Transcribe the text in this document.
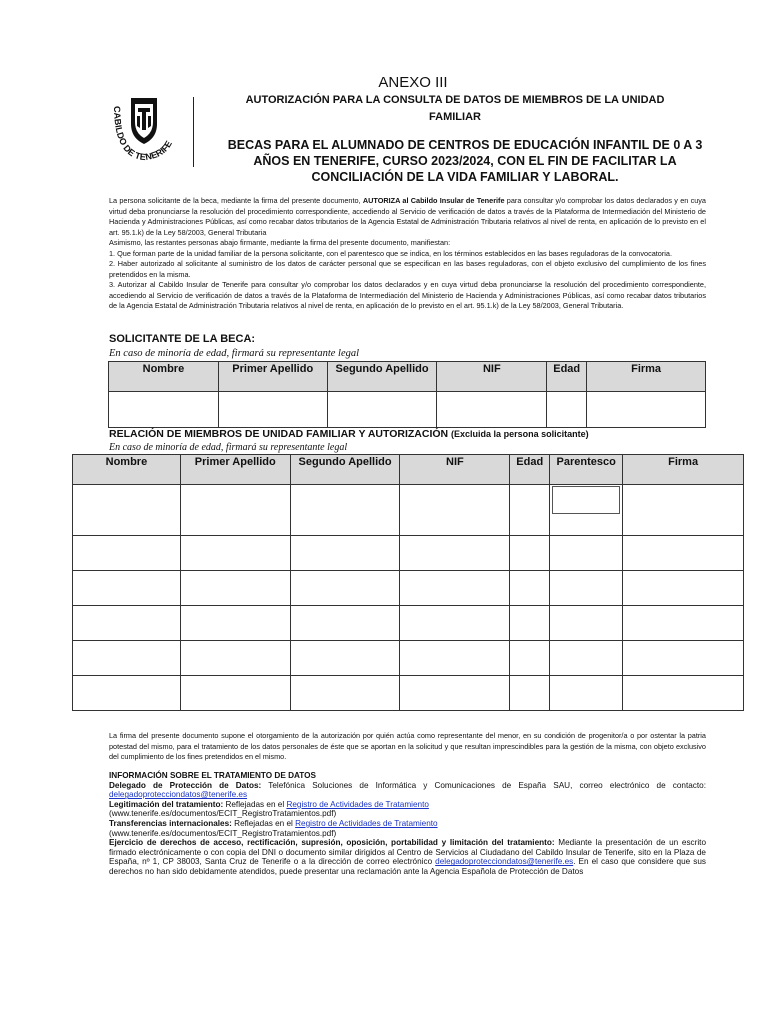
CABILDO DE TENERIFE
ANEXO III
AUTORIZACIÓN PARA LA CONSULTA DE DATOS DE MIEMBROS DE LA UNIDAD FAMILIAR
BECAS PARA EL ALUMNADO DE CENTROS DE EDUCACIÓN INFANTIL DE 0 A 3 AÑOS EN TENERIFE, CURSO 2023/2024, CON EL FIN DE FACILITAR LA CONCILIACIÓN DE LA VIDA FAMILIAR Y LABORAL.

La persona solicitante de la beca, mediante la firma del presente documento, AUTORIZA al Cabildo Insular de Tenerife para consultar y/o comprobar los datos declarados y en cuya virtud deba pronunciarse la resolución del procedimiento correspondiente, accediendo al Servicio de verificación de datos a través de la Plataforma de Intermediación del Ministerio de Hacienda y Administraciones Públicas, así como recabar datos tributarios de la Agencia Estatal de Administración Tributaria relativos al nivel de renta, en aplicación de lo previsto en el art. 95.1.k) de la Ley 58/2003, General Tributaria

Asimismo, las restantes personas abajo firmante, mediante la firma del presente documento, manifiestan:

1. Que forman parte de la unidad familiar de la persona solicitante, con el parentesco que se indica, en los términos establecidos en las bases reguladoras de la convocatoria.

2. Haber autorizado al solicitante al suministro de los datos de carácter personal que se especifican en las bases reguladoras, con el objeto exclusivo del cumplimiento de los fines pretendidos en la misma.

3. Autorizar al Cabildo Insular de Tenerife para consultar y/o comprobar los datos declarados y en cuya virtud deba pronunciarse la resolución del procedimiento correspondiente, accediendo al Servicio de verificación de datos a través de la Plataforma de Intermediación del Ministerio de Hacienda y Administraciones Públicas, así como recabar datos tributarios de la Agencia Estatal de Administración Tributaria relativos al nivel de renta, en aplicación de lo previsto en el art. 95.1.k) de la Ley 58/2003, General Tributaria.

SOLICITANTE DE LA BECA:
En caso de minoría de edad, firmará su representante legal
Nombre	Primer Apellido	Segundo Apellido	NIF	Edad	Firma

RELACIÓN DE MIEMBROS DE UNIDAD FAMILIAR Y AUTORIZACIÓN (Excluida la persona solicitante)
En caso de minoría de edad, firmará su representante legal
Nombre	Primer Apellido	Segundo Apellido	NIF	Edad	Parentesco	Firma

La firma del presente documento supone el otorgamiento de la autorización por quién actúa como representante del menor, en su condición de progenitor/a o por ostentar la patria potestad del mismo, para el tratamiento de los datos personales de éste que se aportan en la solicitud y que resultan imprescindibles para la gestión de la misma, con objeto exclusivo del cumplimiento de los fines pretendidos en el mismo.

INFORMACIÓN SOBRE EL TRATAMIENTO DE DATOS

Delegado de Protección de Datos: Telefónica Soluciones de Informática y Comunicaciones de España SAU, correo electrónico de contacto: delegadoprotecciondatos@tenerife.es

Legitimación del tratamiento: Reflejadas en el Registro de Actividades de Tratamiento
(www.tenerife.es/documentos/ECIT_RegistroTratamientos.pdf)

Transferencias internacionales: Reflejadas en el Registro de Actividades de Tratamiento
(www.tenerife.es/documentos/ECIT_RegistroTratamientos.pdf)

Ejercicio de derechos de acceso, rectificación, supresión, oposición, portabilidad y limitación del tratamiento: Mediante la presentación de un escrito firmado electrónicamente o con copia del DNI o documento similar dirigidos al Centro de Servicios al Ciudadano del Cabildo Insular de Tenerife, sito en la Plaza de España, nº 1, CP 38003, Santa Cruz de Tenerife o a la dirección de correo electrónico delegadoprotecciondatos@tenerife.es. En el caso que considere que sus derechos no han sido debidamente atendidos, puede presentar una reclamación ante la Agencia Española de Protección de Datos
